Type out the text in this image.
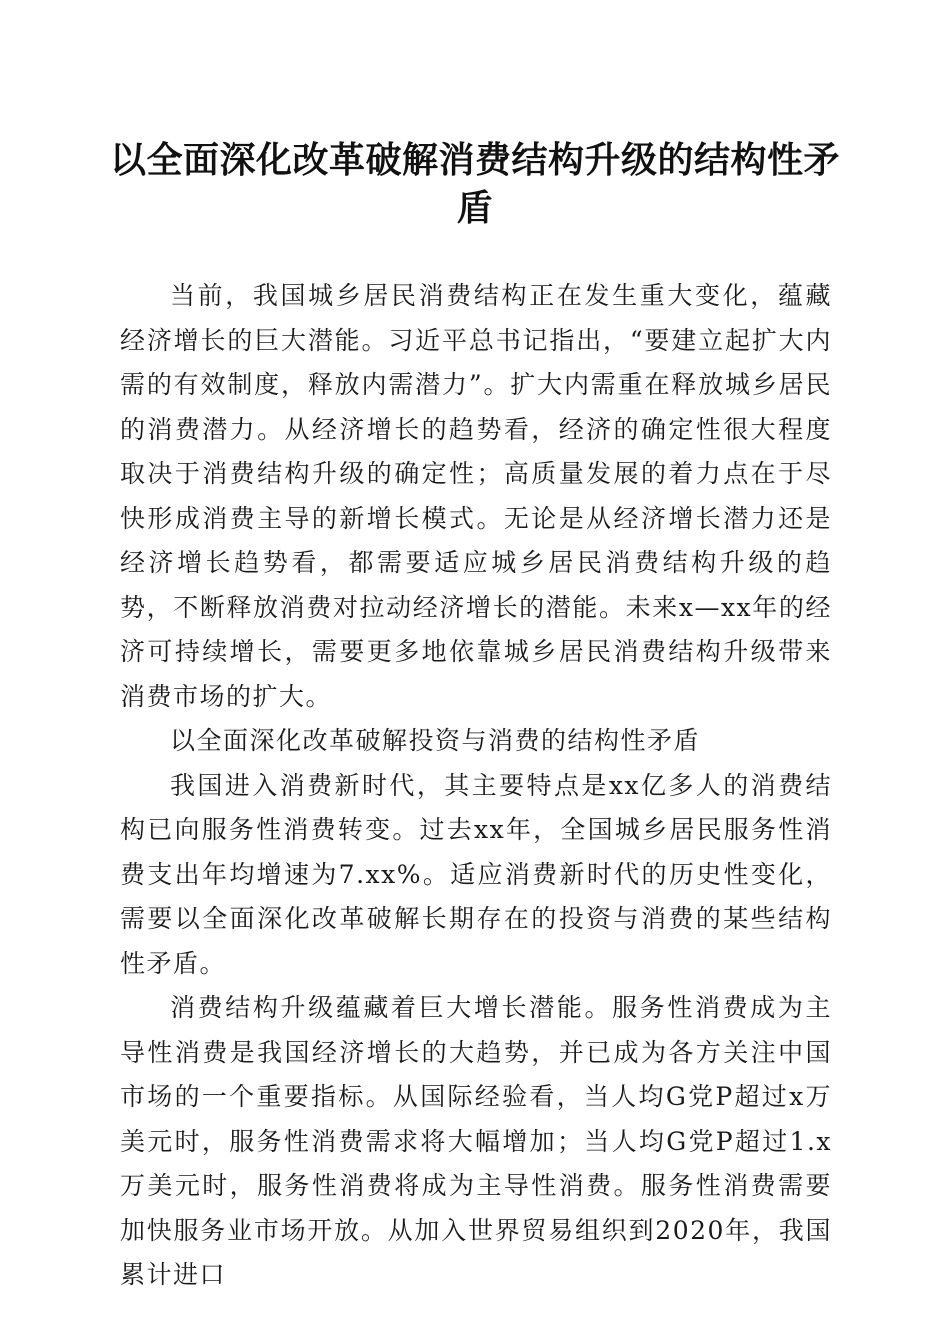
以全面深化改革破解消费结构升级的结构性矛盾

当前，我国城乡居民消费结构正在发生重大变化，蕴藏经济增长的巨大潜能。习近平总书记指出，“要建立起扩大内需的有效制度，释放内需潜力”。扩大内需重在释放城乡居民的消费潜力。从经济增长的趋势看，经济的确定性很大程度取决于消费结构升级的确定性；高质量发展的着力点在于尽快形成消费主导的新增长模式。无论是从经济增长潜力还是经济增长趋势看，都需要适应城乡居民消费结构升级的趋势，不断释放消费对拉动经济增长的潜能。未来x—xx年的经济可持续增长，需要更多地依靠城乡居民消费结构升级带来消费市场的扩大。

以全面深化改革破解投资与消费的结构性矛盾

我国进入消费新时代，其主要特点是xx亿多人的消费结构已向服务性消费转变。过去xx年，全国城乡居民服务性消费支出年均增速为7.xx%。适应消费新时代的历史性变化，需要以全面深化改革破解长期存在的投资与消费的某些结构性矛盾。

消费结构升级蕴藏着巨大增长潜能。服务性消费成为主导性消费是我国经济增长的大趋势，并已成为各方关注中国市场的一个重要指标。从国际经验看，当人均G党P超过x万美元时，服务性消费需求将大幅增加；当人均G党P超过1.x万美元时，服务性消费将成为主导性消费。服务性消费需要加快服务业市场开放。从加入世界贸易组织到2020年，我国累计进口
